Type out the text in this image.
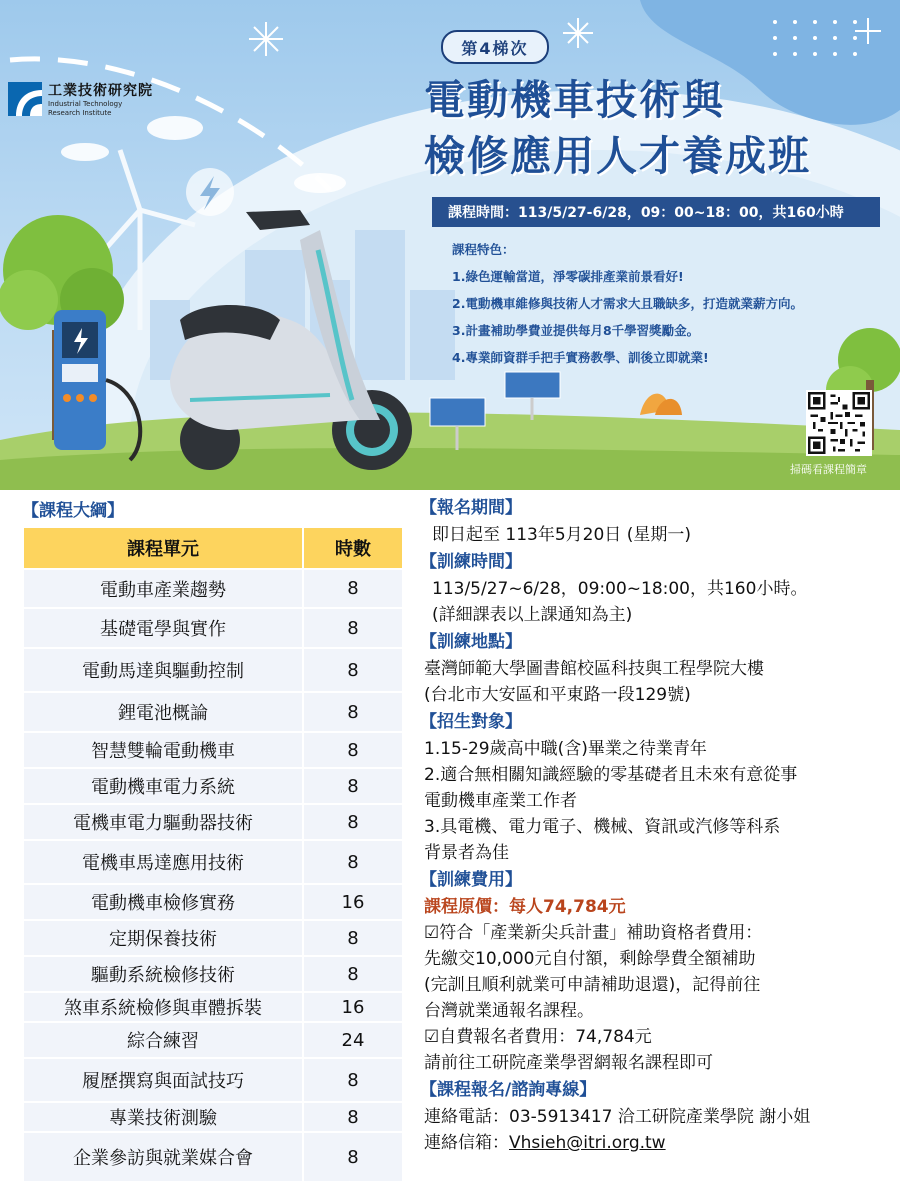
工業技術研究院
Industrial Technology
Research Institute
第4梯次
電動機車技術與
檢修應用人才養成班
課程時間：113/5/27-6/28，09：00~18：00，共160小時
課程特色：
1.綠色運輸當道，淨零碳排產業前景看好!
2.電動機車維修與技術人才需求大且職缺多，打造就業薪方向。
3.計畫補助學費並提供每月8千學習獎勵金。
4.專業師資群手把手實務教學、訓後立即就業!
掃碼看課程簡章
【課程大綱】
課程單元	時數
電動車產業趨勢	8
基礎電學與實作	8
電動馬達與驅動控制	8
鋰電池概論	8
智慧雙輪電動機車	8
電動機車電力系統	8
電機車電力驅動器技術	8
電機車馬達應用技術	8
電動機車檢修實務	16
定期保養技術	8
驅動系統檢修技術	8
煞車系統檢修與車體拆裝	16
綜合練習	24
履歷撰寫與面試技巧	8
專業技術測驗	8
企業參訪與就業媒合會	8
【報名期間】
即日起至 113年5月20日 (星期一)
【訓練時間】
113/5/27~6/28，09:00~18:00，共160小時。
(詳細課表以上課通知為主)
【訓練地點】
臺灣師範大學圖書館校區科技與工程學院大樓
(台北市大安區和平東路一段129號)
【招生對象】
1.15-29歲高中職(含)畢業之待業青年
2.適合無相關知識經驗的零基礎者且未來有意從事
電動機車產業工作者
3.具電機、電力電子、機械、資訊或汽修等科系
背景者為佳
【訓練費用】
課程原價：每人74,784元
☑符合「產業新尖兵計畫」補助資格者費用：
先繳交10,000元自付額，剩餘學費全額補助
(完訓且順利就業可申請補助退還)，記得前往
台灣就業通報名課程。
☑自費報名者費用：74,784元
請前往工研院產業學習網報名課程即可
【課程報名/諮詢專線】
連絡電話：03-5913417 洽工研院產業學院 謝小姐
連絡信箱：Vhsieh@itri.org.tw
